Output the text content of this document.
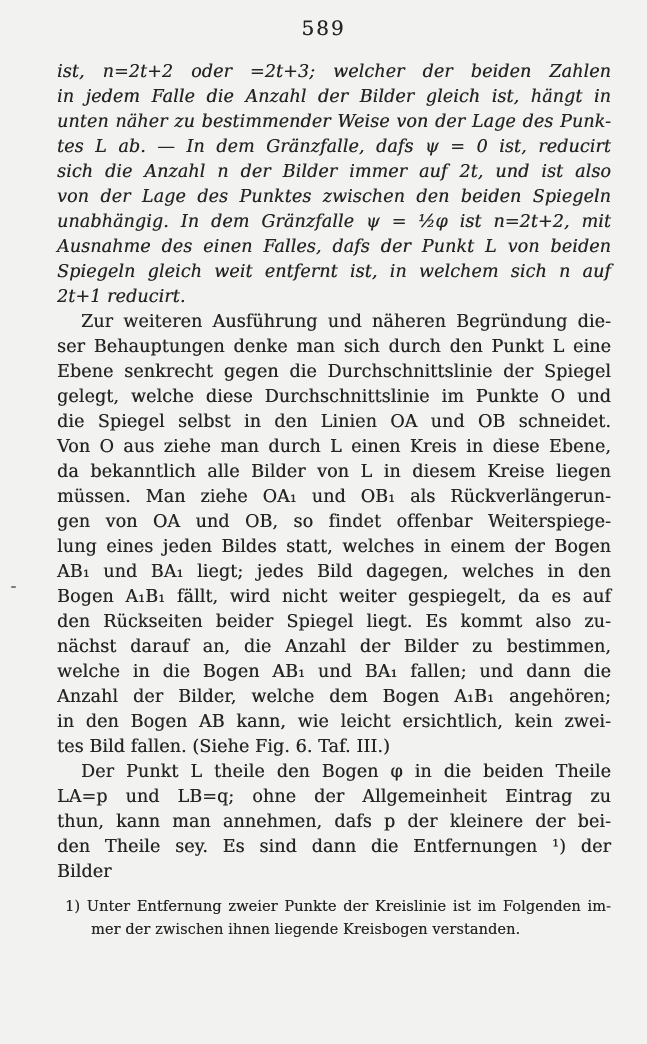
589
ist, n=2t+2 oder =2t+3; welcher der beiden Zahlen
in jedem Falle die Anzahl der Bilder gleich ist, hängt in
unten näher zu bestimmender Weise von der Lage des Punk-
tes L ab. — In dem Gränzfalle, dafs ψ = 0 ist, reducirt
sich die Anzahl n der Bilder immer auf 2t, und ist also
von der Lage des Punktes zwischen den beiden Spiegeln
unabhängig. In dem Gränzfalle ψ = ½φ ist n=2t+2, mit
Ausnahme des einen Falles, dafs der Punkt L von beiden
Spiegeln gleich weit entfernt ist, in welchem sich n auf
2t+1 reducirt.
Zur weiteren Ausführung und näheren Begründung die-
ser Behauptungen denke man sich durch den Punkt L eine
Ebene senkrecht gegen die Durchschnittslinie der Spiegel
gelegt, welche diese Durchschnittslinie im Punkte O und
die Spiegel selbst in den Linien OA und OB schneidet.
Von O aus ziehe man durch L einen Kreis in diese Ebene,
da bekanntlich alle Bilder von L in diesem Kreise liegen
müssen. Man ziehe OA₁ und OB₁ als Rückverlängerun-
gen von OA und OB, so findet offenbar Weiterspiege-
lung eines jeden Bildes statt, welches in einem der Bogen
AB₁ und BA₁ liegt; jedes Bild dagegen, welches in den
Bogen A₁B₁ fällt, wird nicht weiter gespiegelt, da es auf
den Rückseiten beider Spiegel liegt. Es kommt also zu-
nächst darauf an, die Anzahl der Bilder zu bestimmen,
welche in die Bogen AB₁ und BA₁ fallen; und dann die
Anzahl der Bilder, welche dem Bogen A₁B₁ angehören;
in den Bogen AB kann, wie leicht ersichtlich, kein zwei-
tes Bild fallen. (Siehe Fig. 6. Taf. III.)
Der Punkt L theile den Bogen φ in die beiden Theile
LA=p und LB=q; ohne der Allgemeinheit Eintrag zu
thun, kann man annehmen, dafs p der kleinere der bei-
den Theile sey. Es sind dann die Entfernungen ¹) der
Bilder
1) Unter Entfernung zweier Punkte der Kreislinie ist im Folgenden im-
mer der zwischen ihnen liegende Kreisbogen verstanden.
